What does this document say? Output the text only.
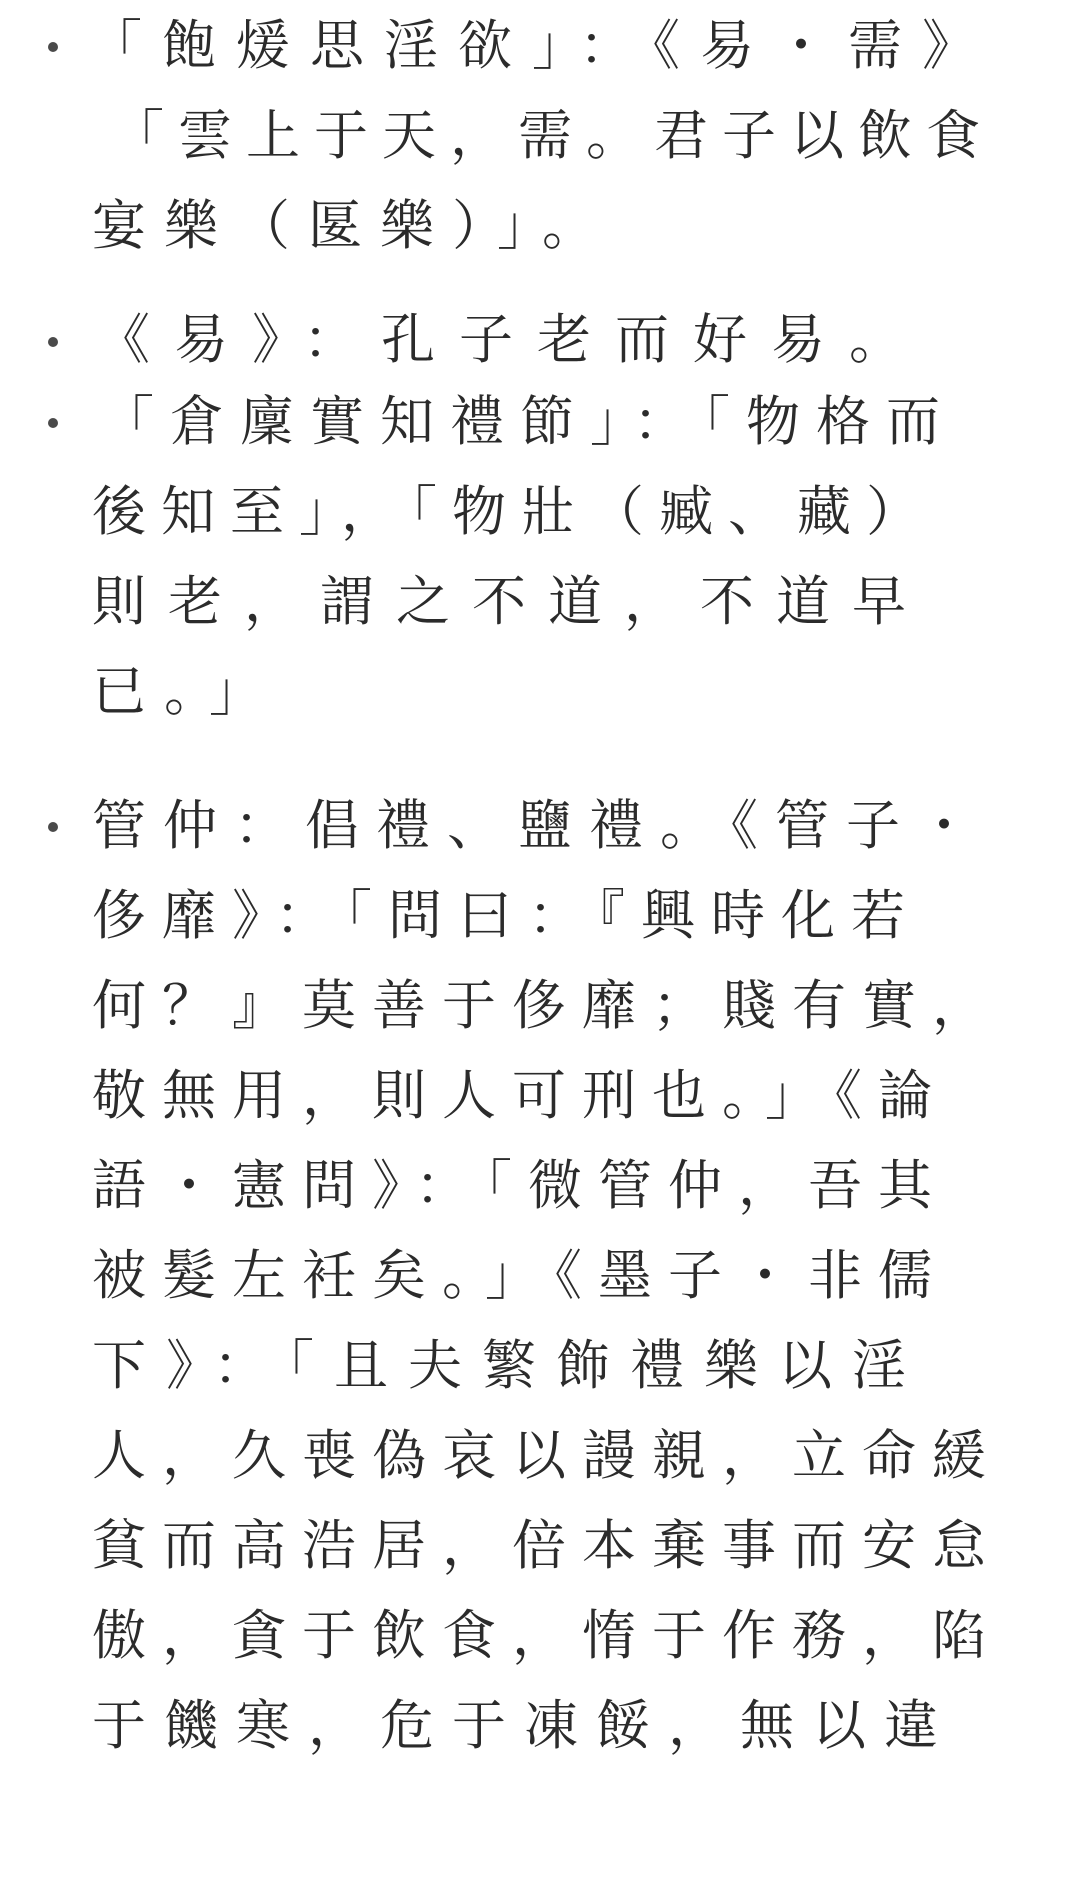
「飽煖思淫欲」：《易・需》
「雲上于天，需。君子以飲食
宴樂（匽樂）」。
《易》：孔子老而好易。
「倉廩實知禮節」：「物格而
後知至」，「物壯（臧、藏）
則老，謂之不道，不道早
已。」
管仲：倡禮、鹽禮。《管子・
侈靡》：「問曰：『興時化若
何？』莫善于侈靡；賤有實，
敬無用，則人可刑也。」《論
語・憲問》：「微管仲，吾其
被髮左衽矣。」《墨子・非儒
下》：「且夫繁飾禮樂以淫
人，久喪偽哀以謾親，立命緩
貧而高浩居，倍本棄事而安怠
傲，貪于飲食，惰于作務，陷
于饑寒，危于凍餒，無以違
